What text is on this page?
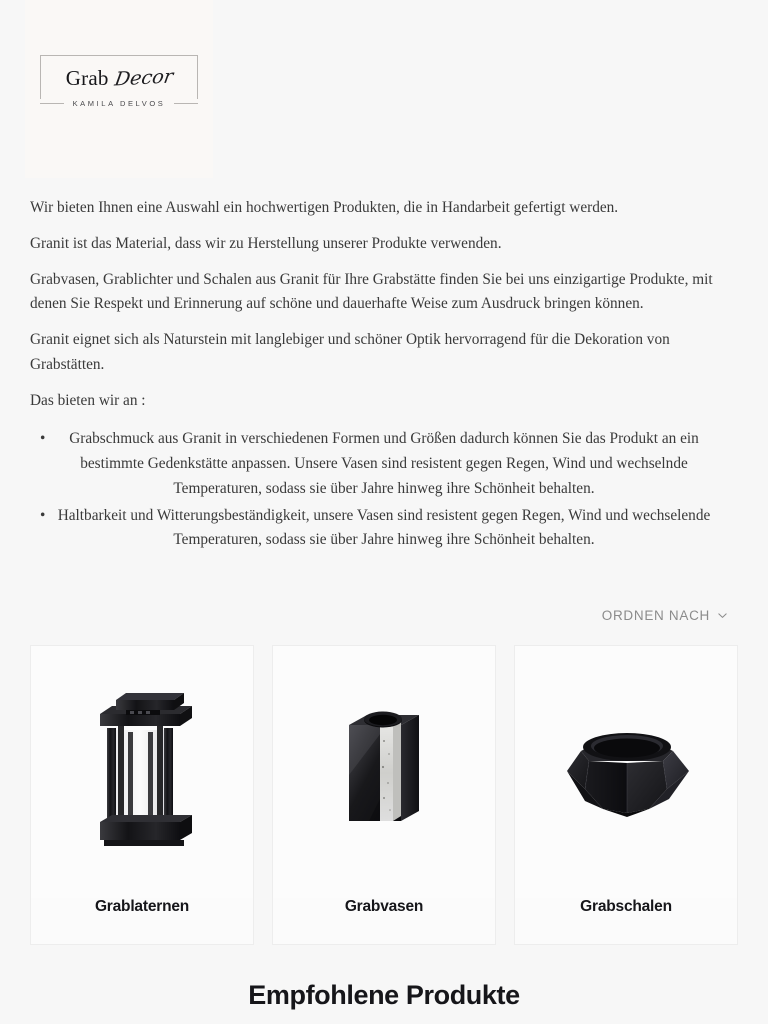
Grab Decor
KAMILA DELVOS

Wir bieten Ihnen eine Auswahl ein hochwertigen Produkten, die in Handarbeit gefertigt werden.

Granit ist das Material, dass wir zu Herstellung unserer Produkte verwenden.

Grabvasen, Grablichter und Schalen aus Granit für Ihre Grabstätte finden Sie bei uns einzigartige Produkte, mit denen Sie Respekt und Erinnerung auf schöne und dauerhafte Weise zum Ausdruck bringen können.

Granit eignet sich als Naturstein mit langlebiger und schöner Optik hervorragend für die Dekoration von Grabstätten.

Das bieten wir an :

• Grabschmuck aus Granit in verschiedenen Formen und Größen dadurch können Sie das Produkt an ein bestimmte Gedenkstätte anpassen. Unsere Vasen sind resistent gegen Regen, Wind und wechselnde Temperaturen, sodass sie über Jahre hinweg ihre Schönheit behalten.
• Haltbarkeit und Witterungsbeständigkeit, unsere Vasen sind resistent gegen Regen, Wind und wechselende Temperaturen, sodass sie über Jahre hinweg ihre Schönheit behalten.
ORDNEN NACH
Grablaternen	Grabvasen	Grabschalen
Empfohlene Produkte
